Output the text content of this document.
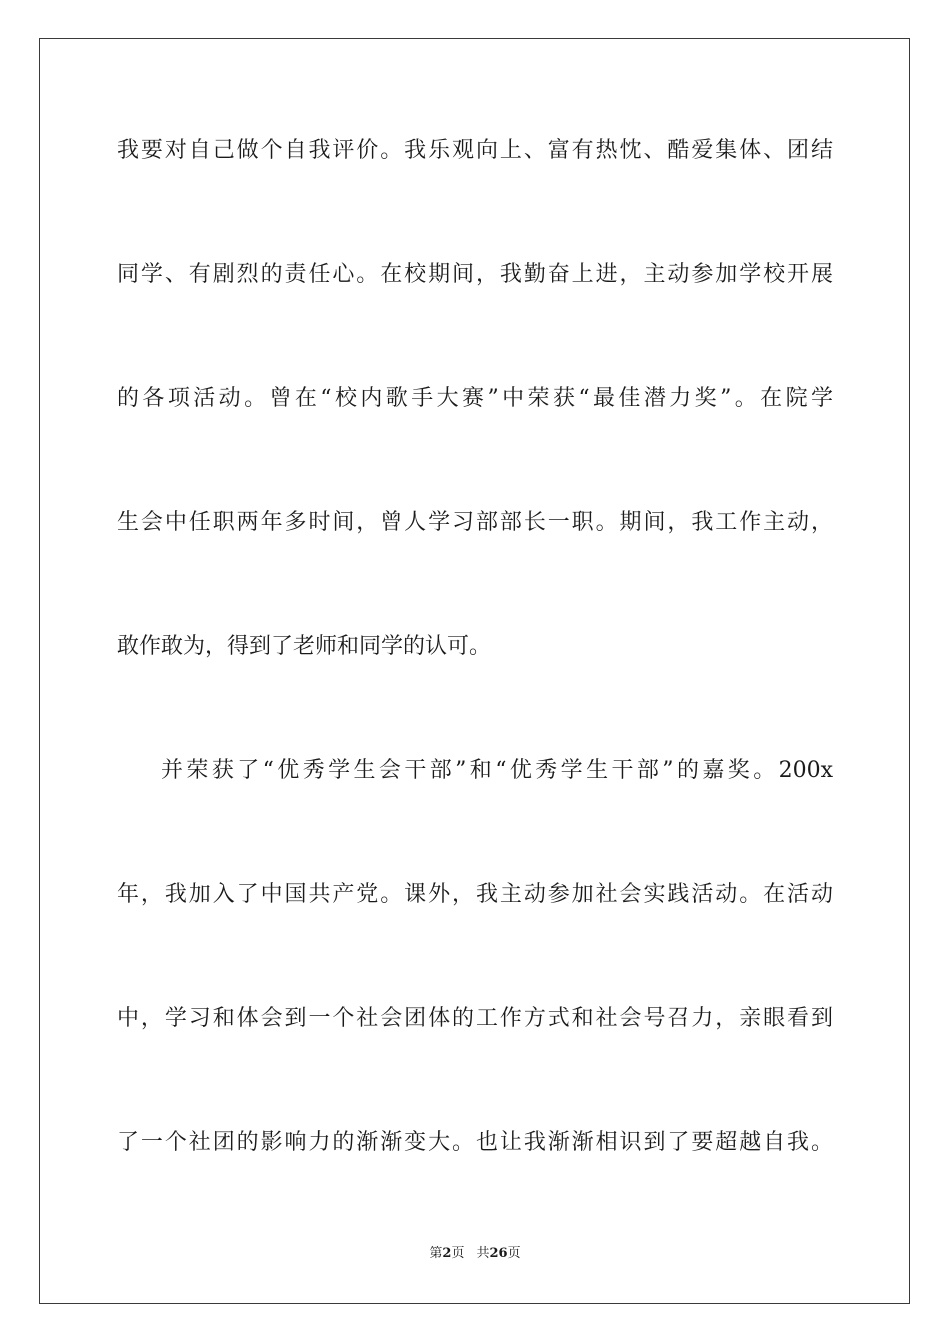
我要对自己做个自我评价。我乐观向上、富有热忱、酷爱集体、团结
同学、有剧烈的责任心。在校期间，我勤奋上进，主动参加学校开展
的各项活动。曾在“校内歌手大赛”中荣获“最佳潜力奖”。在院学
生会中任职两年多时间，曾人学习部部长一职。期间，我工作主动，
敢作敢为，得到了老师和同学的认可。
并荣获了“优秀学生会干部”和“优秀学生干部”的嘉奖。200x
年，我加入了中国共产党。课外，我主动参加社会实践活动。在活动
中，学习和体会到一个社会团体的工作方式和社会号召力，亲眼看到
了一个社团的影响力的渐渐变大。也让我渐渐相识到了要超越自我。
第2页 共26页
